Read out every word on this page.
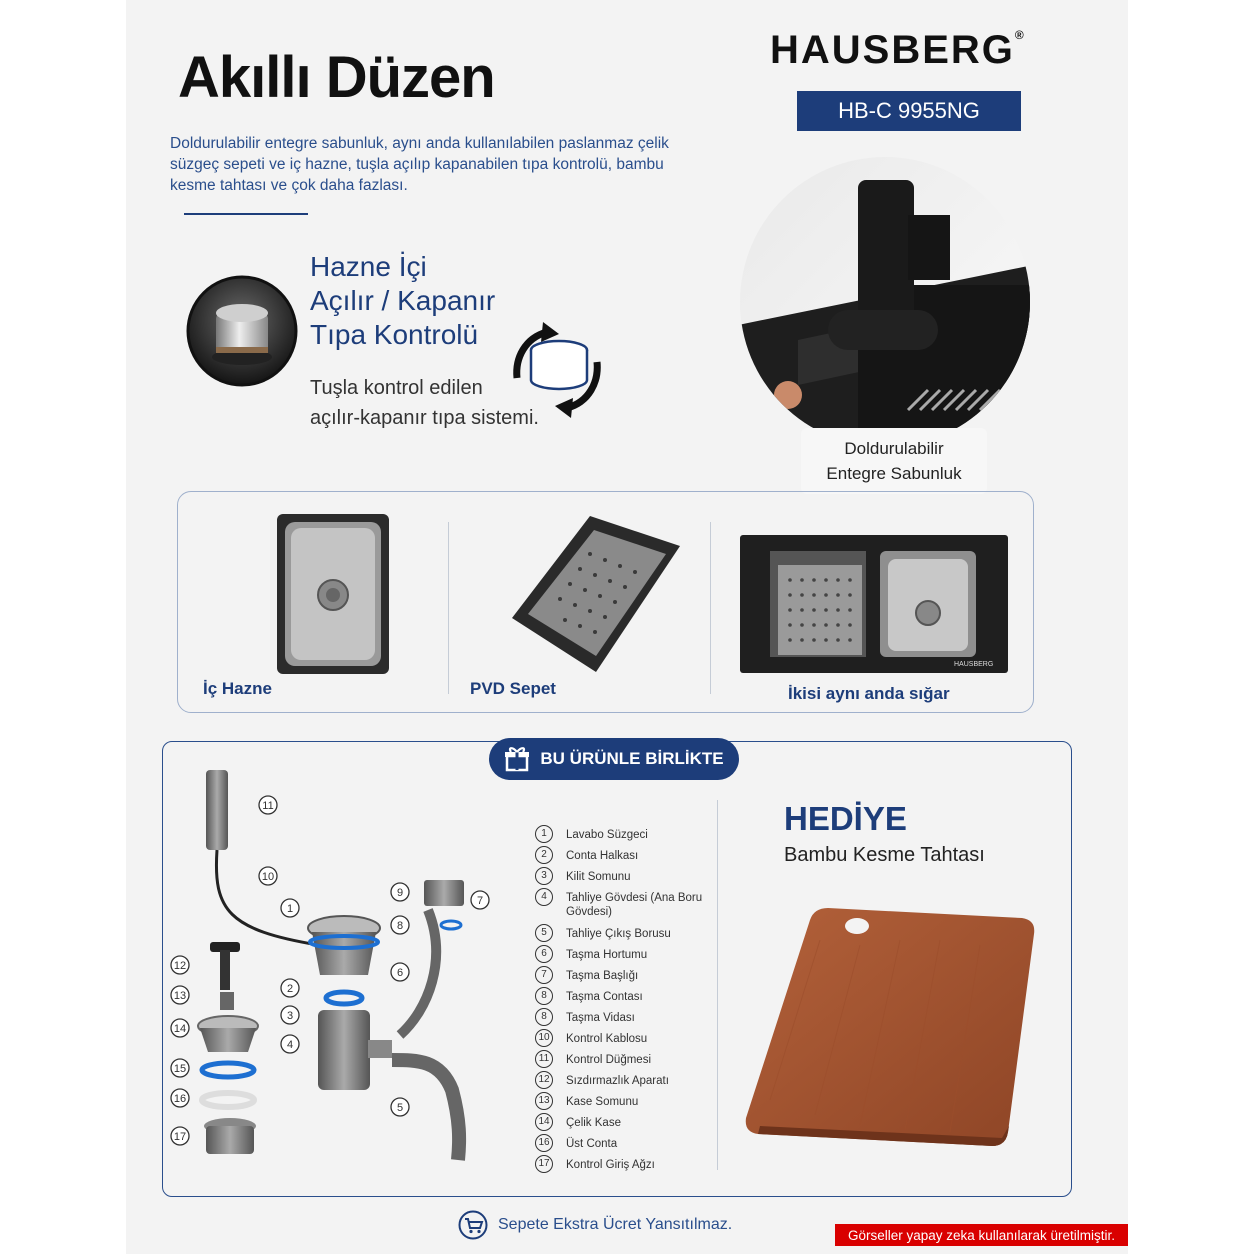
Akıllı Düzen	HAUSBERG®
HB-C 9955NG

Doldurulabilir entegre sabunluk, aynı anda kullanılabilen paslanmaz çelik süzgeç sepeti ve iç hazne, tuşla açılıp kapanabilen tıpa kontrolü, bambu kesme tahtası ve çok daha fazlası.

Hazne İçi
Açılır / Kapanır
Tıpa Kontrolü
Tuşla kontrol edilen
açılır-kapanır tıpa sistemi.
Doldurulabilir
Entegre Sabunluk
İç Hazne	PVD Sepet
HAUSBERG
İkisi aynı anda sığar
BU ÜRÜNLE BİRLİKTE
1
2
3
4
5
6
7
8
9
10
11
12
13
14
15
16
17
1	Lavabo Süzgeci
2	Conta Halkası
3	Kilit Somunu
4	Tahliye Gövdesi (Ana Boru Gövdesi)
5	Tahliye Çıkış Borusu
6	Taşma Hortumu
7	Taşma Başlığı
8	Taşma Contası
8	Taşma Vidası
10 Kontrol Kablosu
11	Kontrol Düğmesi
12 Sızdırmazlık Aparatı
13 Kase Somunu
14 Çelik Kase
16 Üst Conta
17 Kontrol Giriş Ağzı
HEDİYE
Bambu Kesme Tahtası
Sepete Ekstra Ücret Yansıtılmaz.
Görseller yapay zeka kullanılarak üretilmiştir.
